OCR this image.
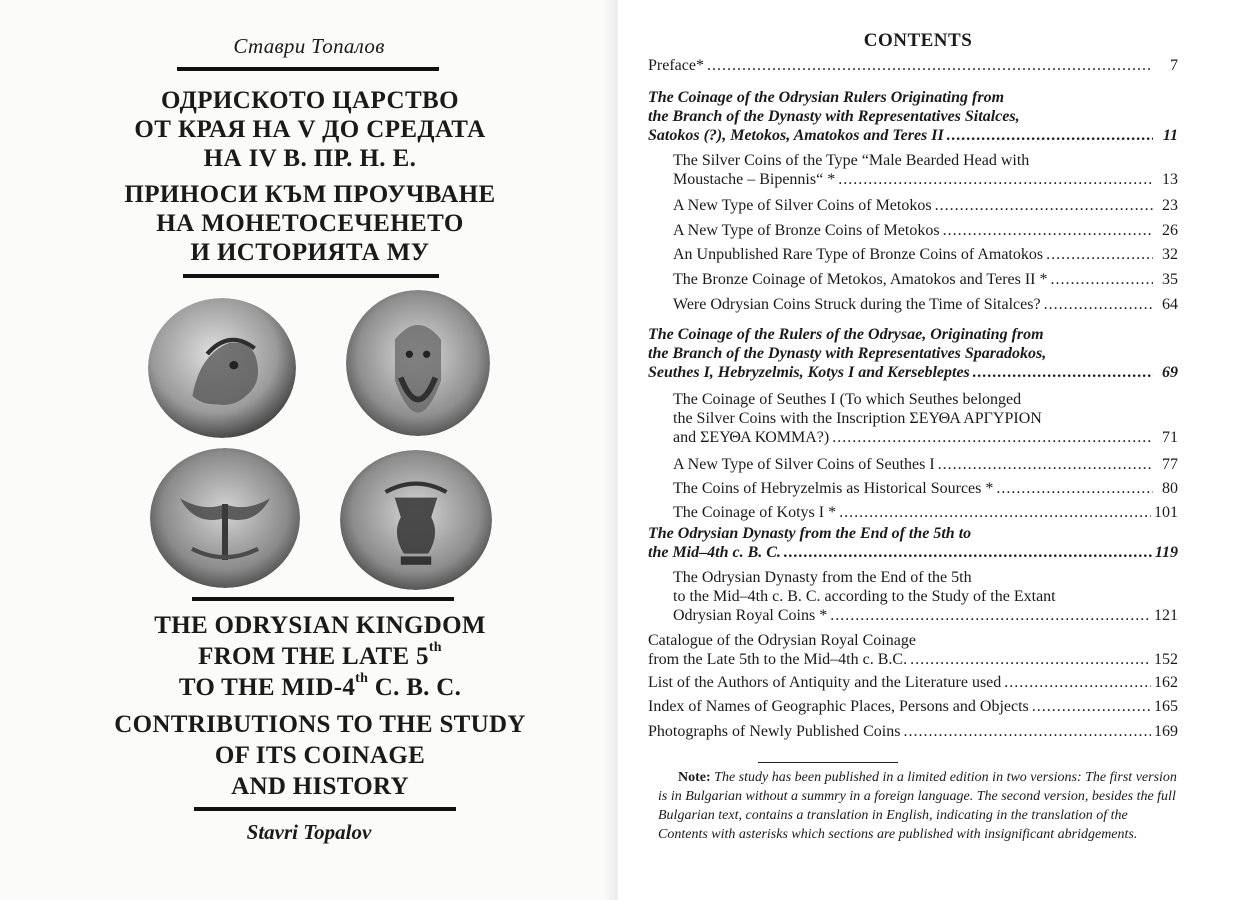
Ставри Топалов
ОДРИСКОТО ЦАРСТВО
ОТ КРАЯ НА V ДО СРЕДАТА
НА IV В. ПР. Н. Е.
ПРИНОСИ КЪМ ПРОУЧВАНЕ
НА МОНЕТОСЕЧЕНЕТО
И ИСТОРИЯТА МУ
THE ODRYSIAN KINGDOM
FROM THE LATE 5th
TO THE MID-4th C. B. C.
CONTRIBUTIONS TO THE STUDY
OF ITS COINAGE
AND HISTORY
Stavri Topalov
CONTENTS
Preface* .....	7
The Coinage of the Odrysian Rulers Originating from
the Branch of the Dynasty with Representatives Sitalces,
Satokos (?), Metokos, Amatokos and Teres II .....	11
The Silver Coins of the Type “Male Bearded Head with
Moustache – Bipennis“ * .....	13
A New Type of Silver Coins of Metokos .....	23
A New Type of Bronze Coins of Metokos .....	26
An Unpublished Rare Type of Bronze Coins of Amatokos .....	32
The Bronze Coinage of Metokos, Amatokos and Teres II * .....	35
Were Odrysian Coins Struck during the Time of Sitalces? .....	64
The Coinage of the Rulers of the Odrysae, Originating from
the Branch of the Dynasty with Representatives Sparadokos,
Seuthes I, Hebryzelmis, Kotys I and Kersebleptes .....	69
The Coinage of Seuthes I (To which Seuthes belonged
the Silver Coins with the Inscription ΣΕΥΘΑ ΑΡΓΥΡΙΟΝ
and ΣΕΥΘΑ ΚΟΜΜΑ?) .....	71
A New Type of Silver Coins of Seuthes I .....	77
The Coins of Hebryzelmis as Historical Sources * .....	80
The Coinage of Kotys I * .....	101
The Odrysian Dynasty from the End of the 5th to
the Mid–4th c. B. C. .....	119
The Odrysian Dynasty from the End of the 5th
to the Mid–4th c. B. C. according to the Study of the Extant
Odrysian Royal Coins * .....	121
Catalogue of the Odrysian Royal Coinage
from the Late 5th to the Mid–4th c. B.C. .....	152
List of the Authors of Antiquity and the Literature used .....	162
Index of Names of Geographic Places, Persons and Objects .....	165
Photographs of Newly Published Coins .....	169
Note: The study has been published in a limited edition in two versions: The first version is in Bulgarian without a summry in a foreign language. The second version, besides the full Bulgarian text, contains a translation in English, indicating in the translation of the Contents with asterisks which sections are published with insignificant abridgements.
